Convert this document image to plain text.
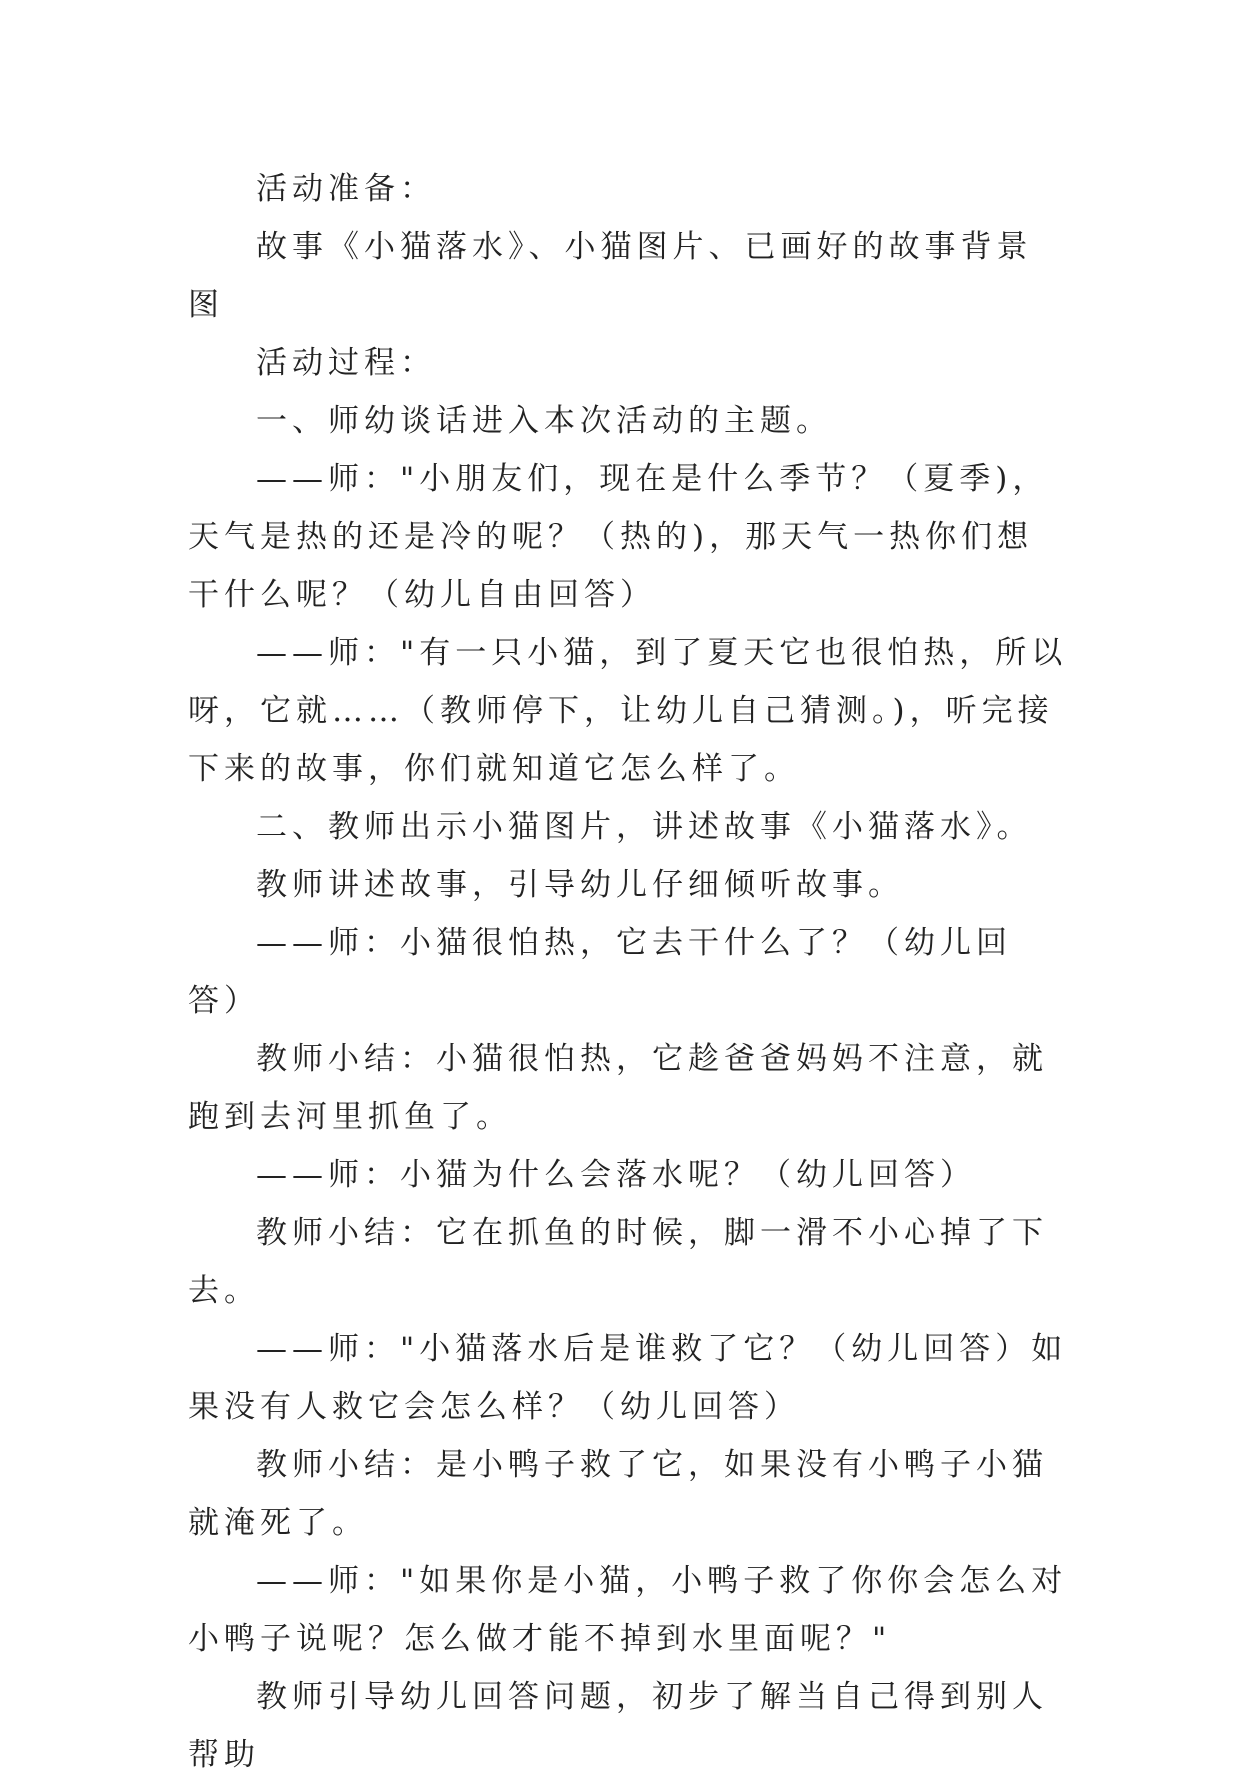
活动准备：

故事《小猫落水》、小猫图片、已画好的故事背景图

活动过程：

一、师幼谈话进入本次活动的主题。

——师："小朋友们，现在是什么季节？（夏季)，天气是热的还是冷的呢？（热的)，那天气一热你们想干什么呢？（幼儿自由回答）

——师："有一只小猫，到了夏天它也很怕热，所以呀，它就……（教师停下，让幼儿自己猜测。)，听完接下来的故事，你们就知道它怎么样了。

二、教师出示小猫图片，讲述故事《小猫落水》。

教师讲述故事，引导幼儿仔细倾听故事。

——师：小猫很怕热，它去干什么了？（幼儿回答）

教师小结：小猫很怕热，它趁爸爸妈妈不注意，就跑到去河里抓鱼了。

——师：小猫为什么会落水呢？（幼儿回答）

教师小结：它在抓鱼的时候，脚一滑不小心掉了下去。

——师："小猫落水后是谁救了它？（幼儿回答）如果没有人救它会怎么样？（幼儿回答）

教师小结：是小鸭子救了它，如果没有小鸭子小猫就淹死了。

——师："如果你是小猫，小鸭子救了你你会怎么对小鸭子说呢？怎么做才能不掉到水里面呢？"

教师引导幼儿回答问题，初步了解当自己得到别人帮助
